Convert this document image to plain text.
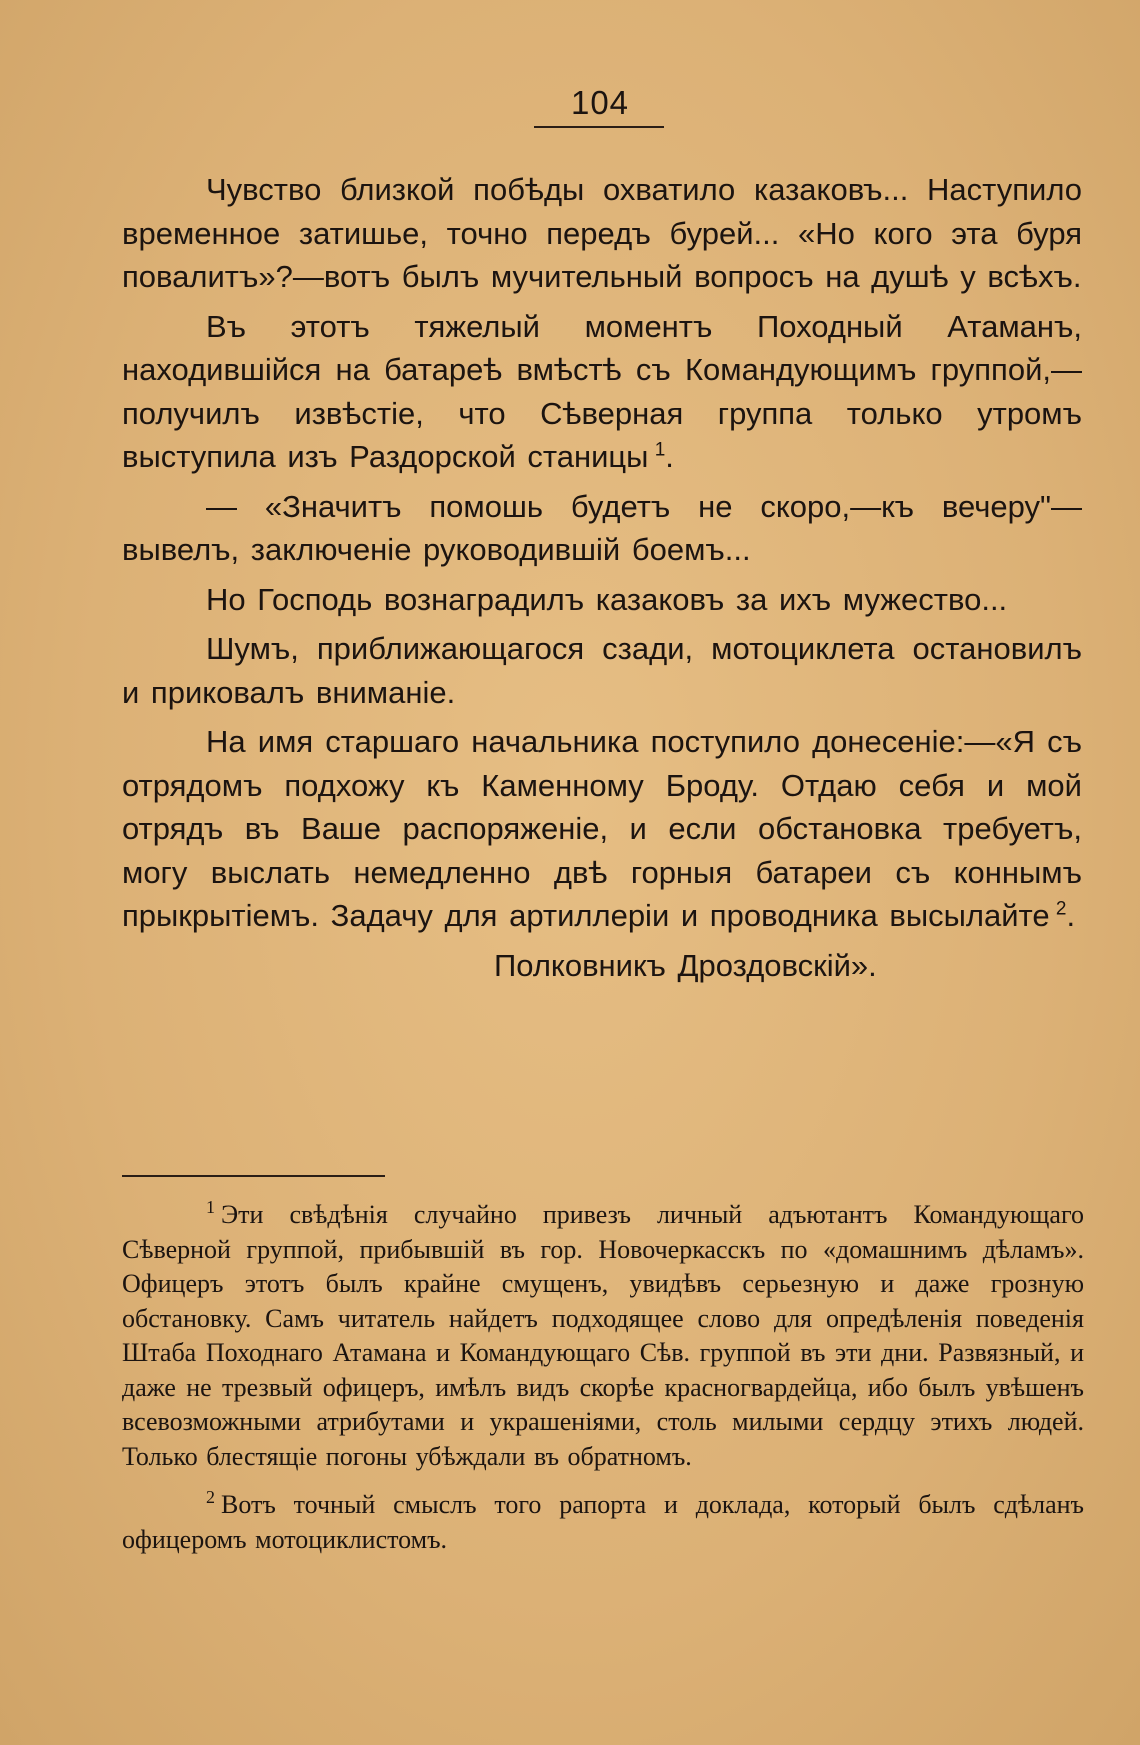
104

Чувство близкой побѣды охватило казаковъ... Наступило временное затишье, точно передъ бурей... «Но кого эта буря повалитъ»?—вотъ былъ мучительный вопросъ на душѣ у всѣхъ.

Въ этотъ тяжелый моментъ Походный Атаманъ, находившійся на батареѣ вмѣстѣ съ Командующимъ группой,—получилъ извѣстіе, что Сѣверная группа только утромъ выступила изъ Раздорской станицы  $^1$.

— «Значитъ помошь будетъ не скоро,—къ вечеру"—вывелъ, заключеніе руководившій боемъ...

Но Господь вознаградилъ казаковъ за ихъ мужество...

Шумъ, приближающагося сзади, мотоциклета остановилъ и приковалъ вниманіе.

На имя старшаго начальника поступило донесеніе:—«Я съ отрядомъ подхожу къ Каменному Броду. Отдаю себя и мой отрядъ въ Ваше распоряженіе, и если обстановка требуетъ, могу выслать немедленно двѣ горныя батареи съ коннымъ прыкрытіемъ. Задачу для артиллеріи и проводника высылайте  $^2$.

Полковникъ Дроздовскій».

$^1$ Эти свѣдѣнія случайно привезъ личный адъютантъ Командующаго Сѣверной группой, прибывшій въ гор. Новочеркасскъ по «домашнимъ дѣламъ». Офицеръ этотъ былъ крайне смущенъ, увидѣвъ серьезную и даже грозную обстановку. Самъ читатель найдетъ подходящее слово для опредѣленія поведенія Штаба Походнаго Атамана и Командующаго Сѣв. группой въ эти дни. Развязный, и даже не трезвый офицеръ, имѣлъ видъ скорѣе красногвардейца, ибо былъ увѣшенъ всевозможными атрибутами и украшеніями, столь милыми сердцу этихъ людей. Только блестящіе погоны убѣждали въ обратномъ.

$^2$ Вотъ точный смыслъ того рапорта и доклада, который былъ сдѣланъ офицеромъ мотоциклистомъ.
